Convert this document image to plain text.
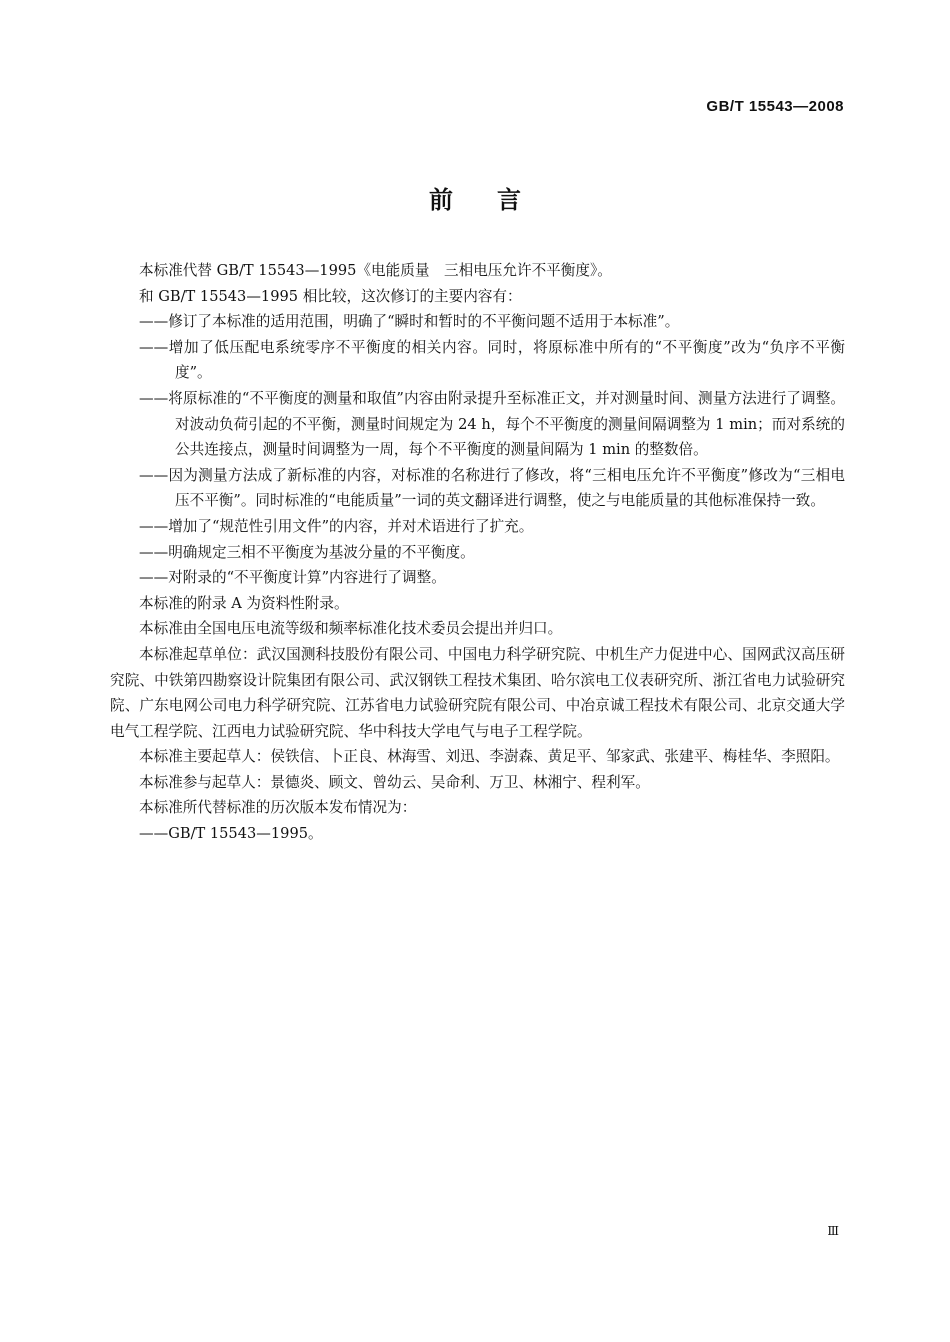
GB/T 15543—2008
前言

本标准代替 GB/T 15543—1995《电能质量　三相电压允许不平衡度》。

和 GB/T 15543—1995 相比较，这次修订的主要内容有：

——修订了本标准的适用范围，明确了“瞬时和暂时的不平衡问题不适用于本标准”。

——增加了低压配电系统零序不平衡度的相关内容。同时，将原标准中所有的“不平衡度”改为“负序不平衡度”。

——将原标准的“不平衡度的测量和取值”内容由附录提升至标准正文，并对测量时间、测量方法进行了调整。对波动负荷引起的不平衡，测量时间规定为 24 h，每个不平衡度的测量间隔调整为 1 min；而对系统的公共连接点，测量时间调整为一周，每个不平衡度的测量间隔为 1 min 的整数倍。

——因为测量方法成了新标准的内容，对标准的名称进行了修改，将“三相电压允许不平衡度”修改为“三相电压不平衡”。同时标准的“电能质量”一词的英文翻译进行调整，使之与电能质量的其他标准保持一致。

——增加了“规范性引用文件”的内容，并对术语进行了扩充。

——明确规定三相不平衡度为基波分量的不平衡度。

——对附录的“不平衡度计算”内容进行了调整。

本标准的附录 A 为资料性附录。

本标准由全国电压电流等级和频率标准化技术委员会提出并归口。

本标准起草单位：武汉国测科技股份有限公司、中国电力科学研究院、中机生产力促进中心、国网武汉高压研究院、中铁第四勘察设计院集团有限公司、武汉钢铁工程技术集团、哈尔滨电工仪表研究所、浙江省电力试验研究院、广东电网公司电力科学研究院、江苏省电力试验研究院有限公司、中冶京诚工程技术有限公司、北京交通大学电气工程学院、江西电力试验研究院、华中科技大学电气与电子工程学院。

本标准主要起草人：侯铁信、卜正良、林海雪、刘迅、李澍森、黄足平、邹家武、张建平、梅桂华、李照阳。

本标准参与起草人：景德炎、顾文、曾幼云、吴命利、万卫、林湘宁、程利军。

本标准所代替标准的历次版本发布情况为：

——GB/T 15543—1995。

Ⅲ
